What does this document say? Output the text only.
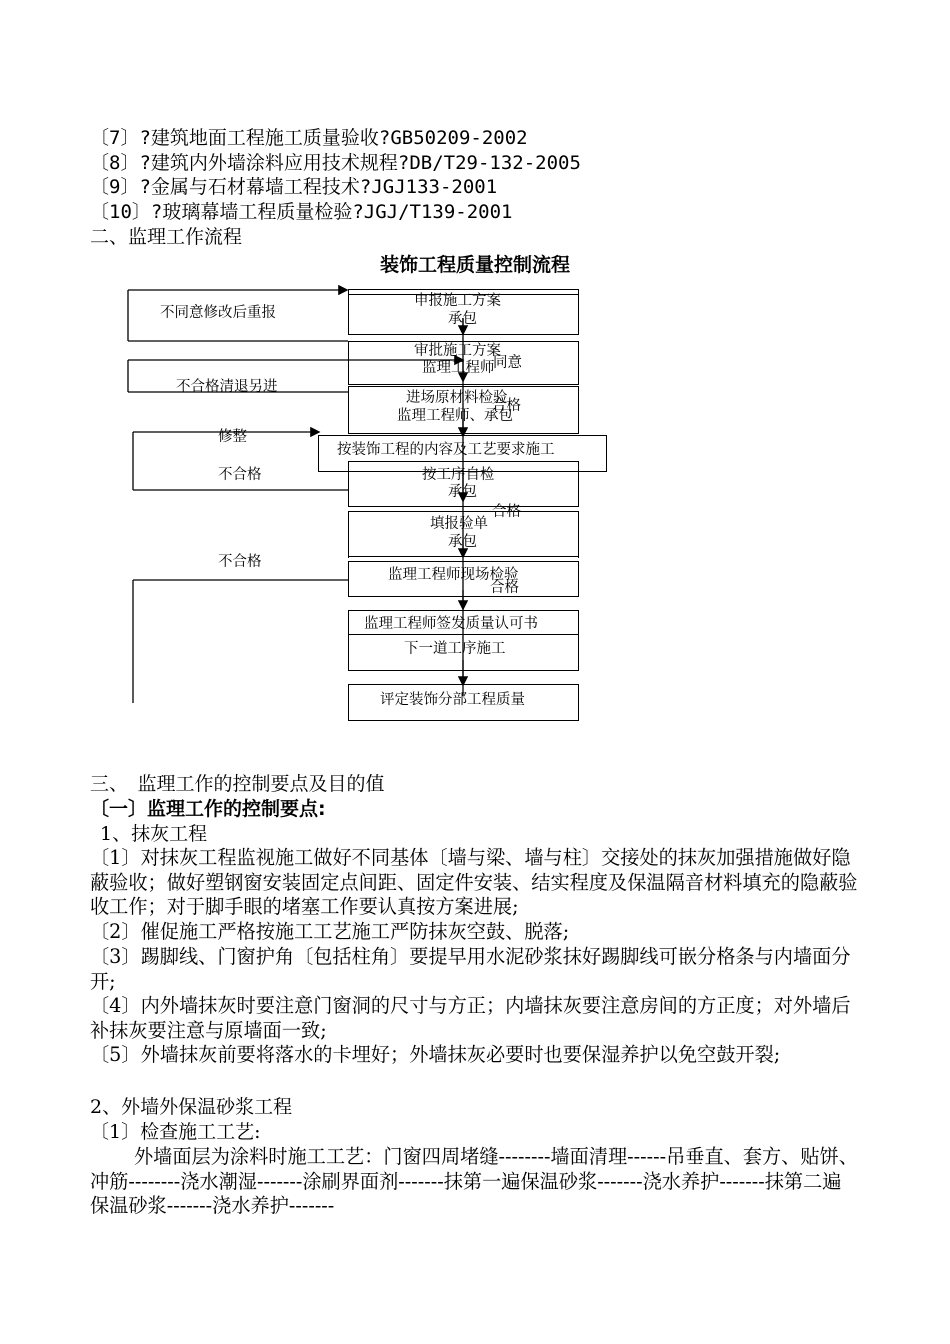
〔7〕?建筑地面工程施工质量验收?GB50209-2002
〔8〕?建筑内外墙涂料应用技术规程?DB/T29-132-2005
〔9〕?金属与石材幕墙工程技术?JGJ133-2001
〔10〕?玻璃幕墙工程质量检验?JGJ/T139-2001
二、监理工作流程
装饰工程质量控制流程
申报施工方案
承包
审批施工方案
监理工程师
同意
进场原材料检验
监理工程师、承包
合格
按装饰工程的内容及工艺要求施工
按工序自检
承包
合格
填报验单
承包
监理工程师现场检验
合格
监理工程师签发质量认可书
下一道工序施工
评定装饰分部工程质量
不同意修改后重报
不合格清退另进
修整
不合格
不合格
三、　监理工作的控制要点及目的值
〔一〕监理工作的控制要点:
1、抹灰工程
〔1〕对抹灰工程监视施工做好不同基体〔墙与梁、墙与柱〕交接处的抹灰加强措施做好隐蔽验收；做好塑钢窗安装固定点间距、固定件安装、结实程度及保温隔音材料填充的隐蔽验收工作；对于脚手眼的堵塞工作要认真按方案进展;
〔2〕催促施工严格按施工工艺施工严防抹灰空鼓、脱落;
〔3〕踢脚线、门窗护角〔包括柱角〕要提早用水泥砂浆抹好踢脚线可嵌分格条与内墙面分开;
〔4〕内外墙抹灰时要注意门窗洞的尺寸与方正；内墙抹灰要注意房间的方正度；对外墙后补抹灰要注意与原墙面一致;
〔5〕外墙抹灰前要将落水的卡埋好；外墙抹灰必要时也要保湿养护以免空鼓开裂;
2、外墙外保温砂浆工程
〔1〕检查施工工艺:
外墙面层为涂料时施工工艺：门窗四周堵缝--------墙面清理------吊垂直、套方、贴饼、冲筋--------浇水潮湿-------涂刷界面剂-------抹第一遍保温砂浆-------浇水养护-------抹第二遍保温砂浆-------浇水养护-------
